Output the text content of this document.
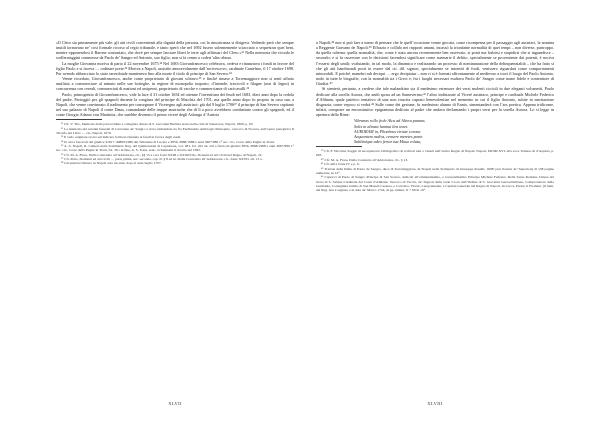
«Il Clero sia primamente più vale: gli atti civili convenienti alla dignità della persona, cui la rimostranza si dirigeva. Vedendo però che sempre inutili tornavano ne’ così formale ricorso al regio tribunale, e tanto sperò che nel 1692 fusero solennemente sciacciato o sequestrar quei beni, mentre opponendosi il Barone contrariato, che dovè per sempre lasciare liberi le terre agli affittuari del Clero.»³¹ Nella memoria che ricorda le scellerataggini commesse da Paolo de’ Sangro ed Antonio, suo figlio, non si fa cenno a codest’altro abuso.

La moglie Giovanna moriva di parto il 22 novembre 1675.³² Nel 1683 Giovanfrancesco celebrava, cedeva e rinunziava i fondi in favore del figlio Paolo e si faceva … ordinare prete.³³ Moriva a Napoli, assistito amorevolmente dall’arcivescovo, cardinale Cantelmo, il 17 ottobre 1698. Pur avendo abbracciato lo stato sacerdotale manteneva fino alla morte il titolo di principe di San Severo.³⁴

Venne ricordato, Giovanfrancesco, anche come proprietario di giovani schiavo.³⁵ e finché rimase a Torremaggiore non si sentì affatto umiliato a commerciare al minuto nelle sue botteghe, in regime di monopolio imposto, d’intende, traviccili e filagne (assi di legno) in concorrenza con cereali, commerciati di mattoni ed assiperni, proprietario di vacche e commerciante di cacicavalli.³⁶

Paolo, primogenito di Giovanfrancesco, vide la luce il 31 ottobre 1654 ed ottenne l’investitura dei feudi nel 1683, dieci anni dopo la cedola del padre. Partoggiò per gli spagnoli durante la congiura del principe di Macchia del 1701, ma quello anno dopo fu proprio in casa sua, a Napoli, che venne convinnato il tradimento per consegnare il Viceregno agli austriaci: già dal 9 luglio 1706³⁷ il principe di San Severo capitanò nel suo palazzo di Napoli il conte Daun, comandante delle truppe austriache che di lì a poco avrebbero combattuto contro gli spagnoli, ed il conte Giorgio Adamo von Martinitz, che sarebbe divenuto il primo viceré degli Asburgo d’Austria

³¹ Cfr. V. Tito, Memorie della parrocchiale e collegiata chiesa di S. Giovanni Battista eretta nella città di Sansevere, Napoli, 1809, p. 63.

³² La memoria del solenni funerali di Giovanna de’ Sangro è stata tramandata da fra Ferdinando Ambrogio Manopulo, vescovo di Nocera, nell’opera panegirica Il Trionfo del Libro … cit., Napoli, 1676.

³³ Il vedo originate sto ha sul indicare la libera rinunzia ai feudi in favore degli eredi.

³⁴ In atti a fascicoli del giudice 41817–49809/1986 del Tribunale di Lucera e 3856–3868/1988 e anni 3667/989 1° sec. civ., Corte della Puglie in Trani.

³⁵ A. S. Napoli, R. Camera della Sommaria: Reg. dei Quinternioni di Capitanata, vol. 281, fol. 261 sh. atti a fascicoli giudici 3856–3868/1988 e anni 3667/989 1° sec. civ., Corte della Puglie in Trani, fol. 39 r in fine, A. S. Trani, sent., richiamanti il ritratto del 1692.

³⁶ Cfr. M. A. Fiore, Dalla Contrastio all’Addolorata, cit., §§ 15 e 14 e fonti XXIII e XXXIII bis. Doleeni ed atti civili nel Regno di Napoli, cit.

³⁷ Cfr. Petto, Domanti ed atti civili … parte prima, sez. seconda, cap. II, § 8 ed in, Dalla Contrastio all’Addolorata, cit., fonte XXVII, all. 13 a.

³⁸ Gli austriaci misero in Napoli solo un anno dopo il sette luglio 1707.

XLVII

a Napoli;³⁸ non si può fare a meno di pensare che le quell’occasione venne giocata, come ricompensa per il passaggio agli austriaci, la nomina a Reggente Gravano de Napoli.³⁹ Effrazio e collido nei rapporti umani, incassò la trionfante normalità di quei tempi – non diverse, purtroppo, da quella odierna: quella normalità, che, come è stato ancora recentemente ben osservato, si potrà ma forbirsi e stupidirsi che si ingrandisce – secondo; e si fa osservare con le decisioni facendosi significare come suemarie il delitto, specialmente se proveniente dai potenti, è nociva l’essersi degli umili; svalutando, in tal modo, la dinamica e realizzando un processo di nominanazione della delinquenzialità – che ha fatto sì che gli atti handinondì posti in essere dal cit. dil. signori, specialmente se intorniti di frodi, venissero riguardati come comportamenti minorabili. E poiché, manebri rah deciqui … ergo decipiatur – non ci si è formati affrontamente al medievuo a trovi il luogo del Paolo Antonio, nodo in tutte le biografie, con la normalità tra i Greci e, fra i luoghi necessari esaltava Paolo de’ Sangro come nome fidele e contenitore di Giudizi.⁴⁰

Si stenterà, pertanto, a credere che tale malandrino sia il medesimo estensore dei versi molenti riccioli in due eleganti volumetti, Paolo dedicare alla sorella Aurora, che andò sposa ad un Sanseverino;⁴¹ l’altro indirizzate al Viceré austriaco, principe e cardinale Michele Federico d’Althann, quale patetico tentativo di una non riuscita cuprato benevolentiae nel memento in cui il figlio Antonio, subite in meritazione disgrazia, come vepoco si vedrà.⁴² Sulle come dei gesiune, fu medesimo alunno di Ennio, simentanderà con l’ars poetica. Appena tridicome, infatti, comporre un encomiastico epigramma dedicato al padre che andava declamando i propri versi per la sorella Aurora. Lo si legge in apertura della Rime:

Vibranas rollo frole Alca ad Altora paanas
Solis in altrata lumina lira tenet.
AURORAM in, Phoebeus virtute corona
Aequantem radios, censere meretes parte.
Sublimique adeo fertur tua Musa volatu,

³⁹ Cfr. F. Nicolini, Saggio di un repertorio bibliografico di scrittori nati o vissuti nell’antico Regno di Napoli, Napoli, MCMLXVI, alla voce Tomaso di d’Aquino, p. 693.

⁴⁰ Cfr. M. A. Fiore, Dalla Contastio all’Addolorata, cit., § 13.

⁴¹ Cfr. infra fonte IV e p. 6.

⁴² Trattasi della Rime di Paolo de Sangro, duca di Torremaggiore, In Napoli nella Stamperia di Giuseppe Roselli, 1698 (con licenza de’ Superiori) di 158 pagine numerate, in 12°.

⁴³ Capricci di Paolo di Sangro Principe di San Severo, dedicati all’eminentissimo, e reverendissimo Principe Michele Federico Della Santa Romana Chiesa del titolo di S. Sabina Cardinale dei Conti d’Althann, Vescovo di Vaccia, de’ Signori della Gran Croce dell’Ordine di S. Giovanni Gerosolimitano, Comprotettore della Germania, Consigliere intimo di Sua Maestà Cesarea, e Cattolica, Viceré, Luogotenente, e Capitan Generale nel Regno di Napoli, In Lucca, Presso il Frediani. (il num. del Reg. non è segnato e in data de’ Marco 1724, di pp. numer. X + 66 in 16°.

XLVIII
